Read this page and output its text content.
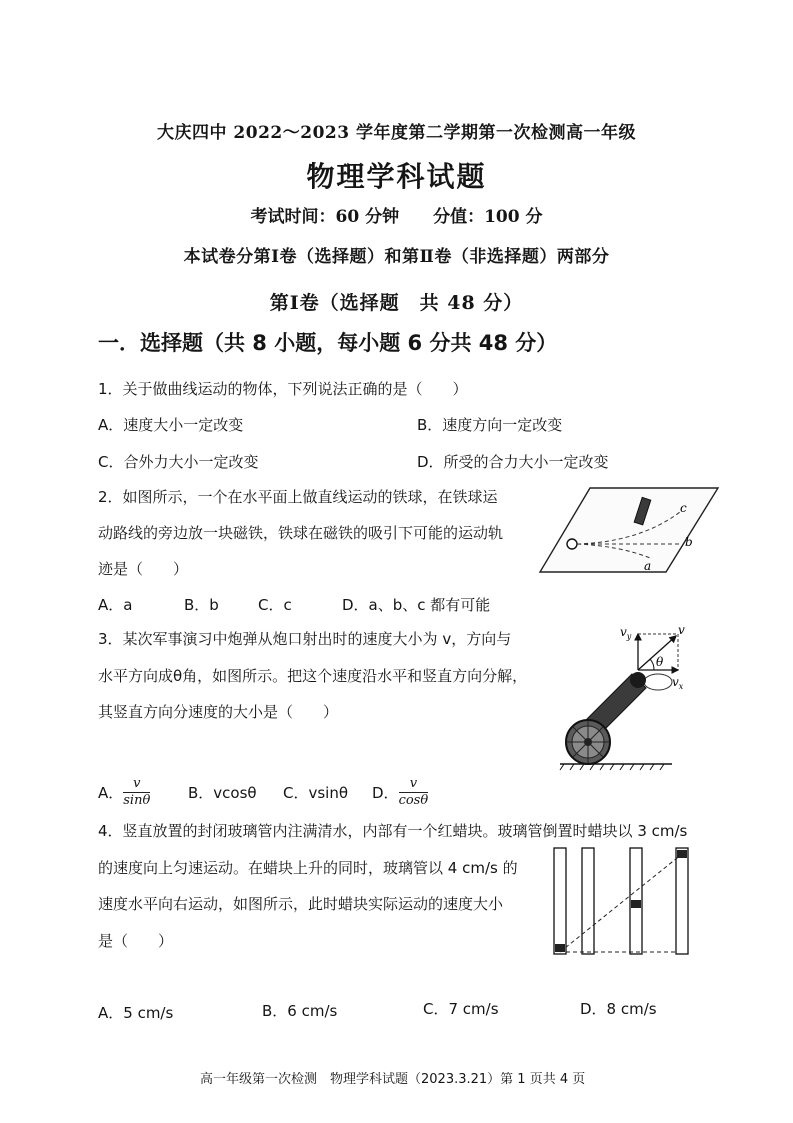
大庆四中 2022～2023 学年度第二学期第一次检测高一年级
物理学科试题
考试时间：60 分钟　　分值：100 分
本试卷分第Ⅰ卷（选择题）和第Ⅱ卷（非选择题）两部分
第Ⅰ卷（选择题　共 48 分）
一．选择题（共 8 小题，每小题 6 分共 48 分）
1．关于做曲线运动的物体，下列说法正确的是（　　）
A．速度大小一定改变	B．速度方向一定改变
C．合外力大小一定改变	D．所受的合力大小一定改变
2．如图所示，一个在水平面上做直线运动的铁球，在铁球运
动路线的旁边放一块磁铁，铁球在磁铁的吸引下可能的运动轨
迹是（　　）
A．a	B．b	C．c	D．a、b、c 都有可能
c
b
a
3．某次军事演习中炮弹从炮口射出时的速度大小为 v，方向与
水平方向成θ角，如图所示。把这个速度沿水平和竖直方向分解，
其竖直方向分速度的大小是（　　）
A． $\frac{v}{\sin\theta}$	B．vcosθ C．vsinθ D． $\frac{v}{\cos\theta}$
$v_y$	v
θ
$v_x$
4．竖直放置的封闭玻璃管内注满清水，内部有一个红蜡块。玻璃管倒置时蜡块以 3 cm/s
的速度向上匀速运动。在蜡块上升的同时，玻璃管以 4 cm/s 的
速度水平向右运动，如图所示，此时蜡块实际运动的速度大小
是（　　）
A．5 cm/s	B．6 cm/s	C．7 cm/s	D．8 cm/s
高一年级第一次检测　物理学科试题（2023.3.21）第 1 页共 4 页
